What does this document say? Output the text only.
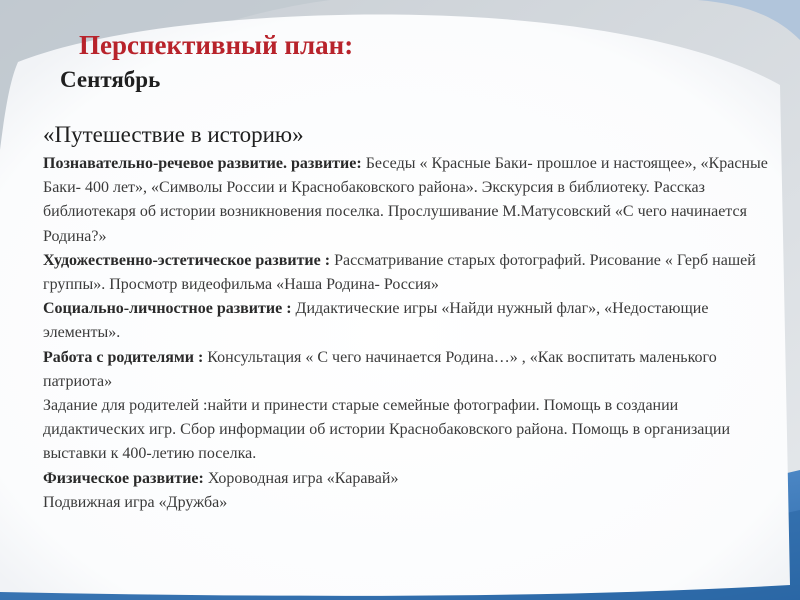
Перспективный план:
Сентябрь
«Путешествие в историю»

Познавательно-речевое развитие. развитие: Беседы « Красные Баки- прошлое и настоящее», «Красные Баки- 400 лет», «Символы России и Краснобаковского района». Экскурсия в библиотеку. Рассказ библиотекаря об истории возникновения поселка. Прослушивание М.Матусовский «С чего начинается Родина?»

Художественно-эстетическое развитие : Рассматривание старых фотографий. Рисование « Герб нашей группы». Просмотр видеофильма «Наша Родина- Россия»

Социально-личностное развитие : Дидактические игры «Найди нужный флаг», «Недостающие элементы».

Работа с родителями : Консультация « С чего начинается Родина…» , «Как воспитать маленького патриота»

Задание для родителей :найти и принести старые семейные фотографии. Помощь в создании дидактических игр. Сбор информации об истории Краснобаковского района. Помощь в организации выставки к 400-летию поселка.

Физическое развитие: Хороводная игра «Каравай»

Подвижная игра «Дружба»
